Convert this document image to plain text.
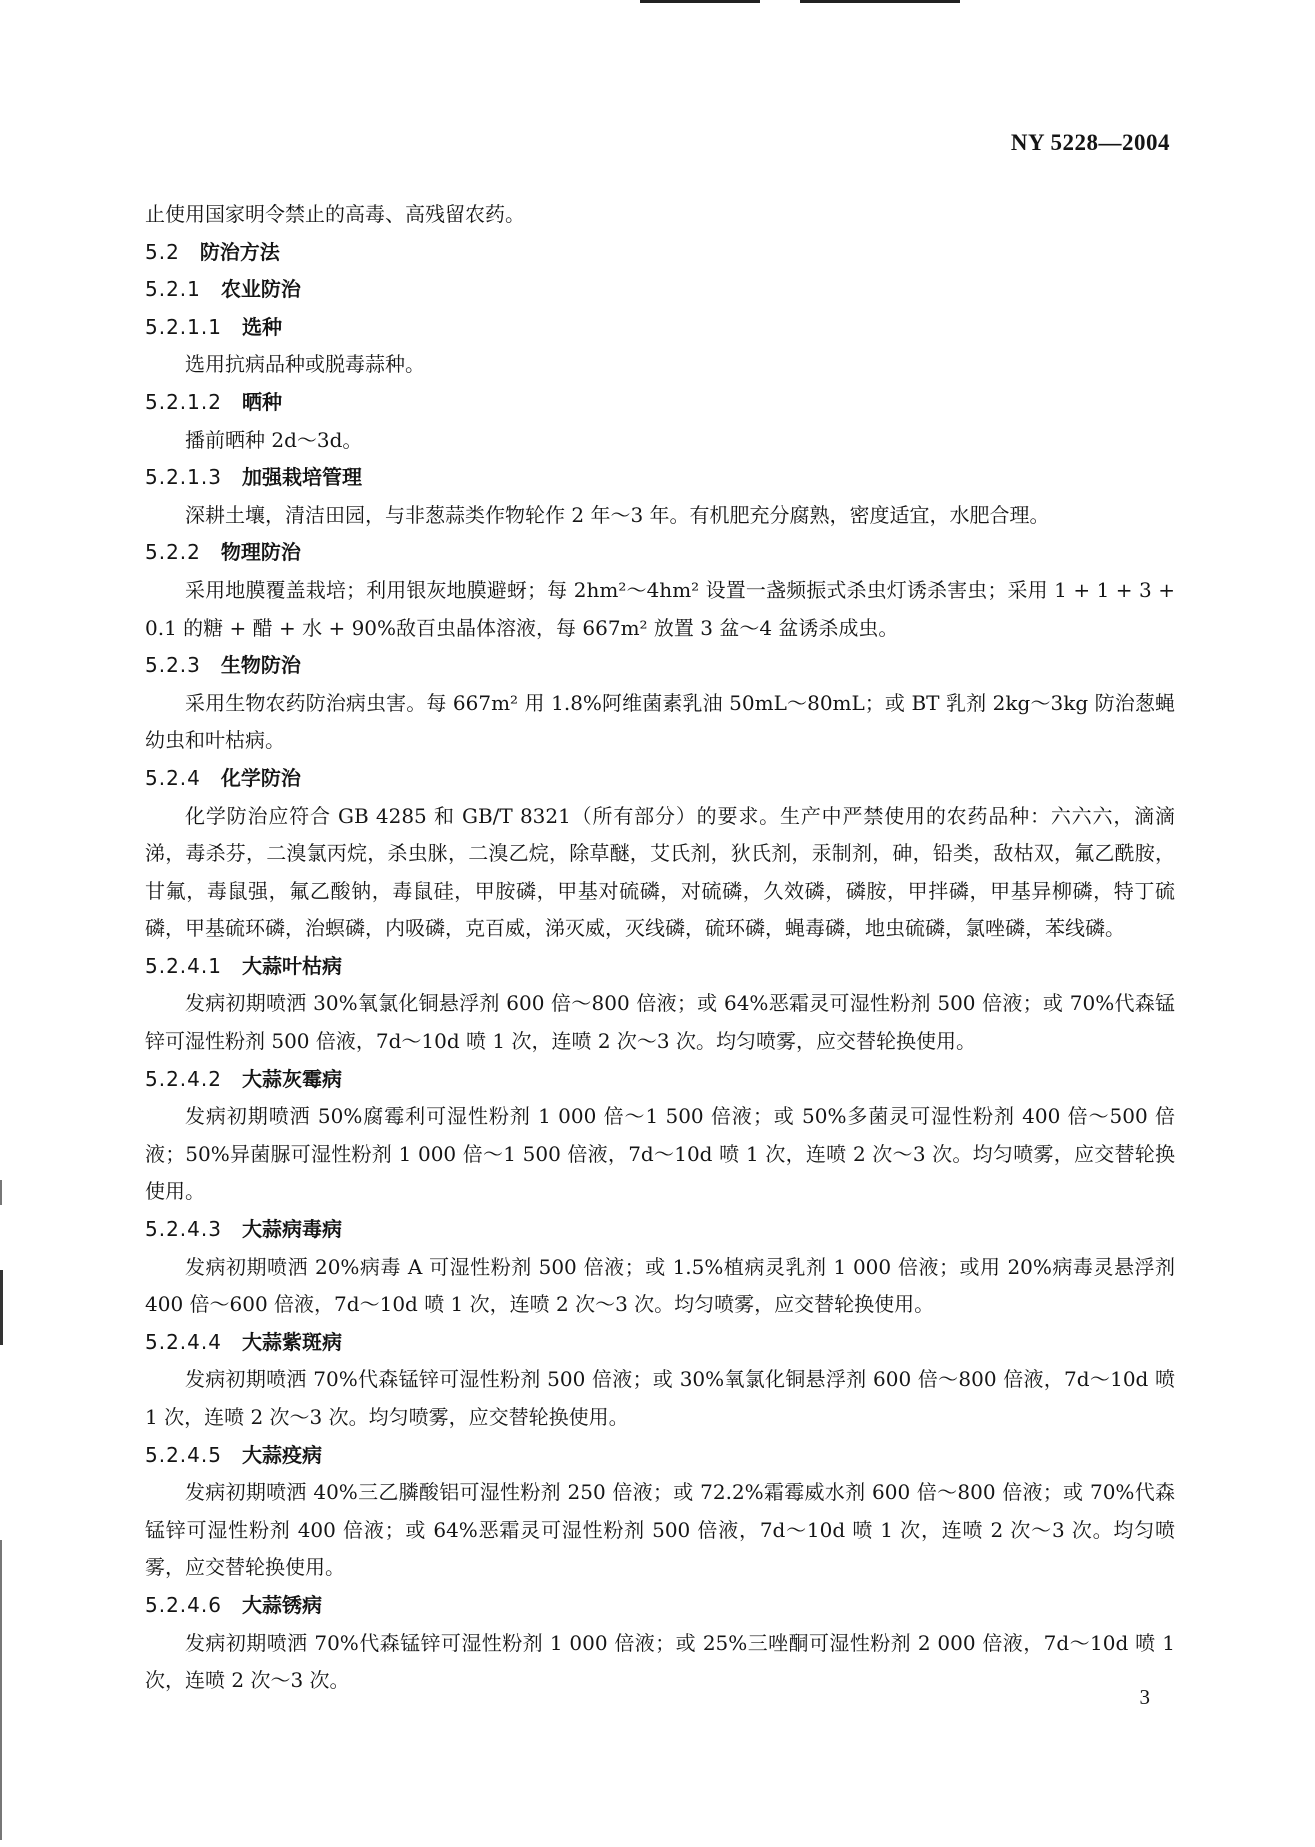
NY 5228—2004

止使用国家明令禁止的高毒、高残留农药。

5.2 防治方法
5.2.1 农业防治
5.2.1.1 选种

选用抗病品种或脱毒蒜种。

5.2.1.2 晒种

播前晒种 2d～3d。

5.2.1.3 加强栽培管理

深耕土壤，清洁田园，与非葱蒜类作物轮作 2 年～3 年。有机肥充分腐熟，密度适宜，水肥合理。

5.2.2 物理防治

采用地膜覆盖栽培；利用银灰地膜避蚜；每 2hm²～4hm² 设置一盏频振式杀虫灯诱杀害虫；采用 1 + 1 + 3 + 0.1 的糖 + 醋 + 水 + 90%敌百虫晶体溶液，每 667m² 放置 3 盆～4 盆诱杀成虫。

5.2.3 生物防治

采用生物农药防治病虫害。每 667m² 用 1.8%阿维菌素乳油 50mL～80mL；或 BT 乳剂 2kg～3kg 防治葱蝇幼虫和叶枯病。

5.2.4 化学防治

化学防治应符合 GB 4285 和 GB/T 8321（所有部分）的要求。生产中严禁使用的农药品种：六六六，滴滴涕，毒杀芬，二溴氯丙烷，杀虫脒，二溴乙烷，除草醚，艾氏剂，狄氏剂，汞制剂，砷，铅类，敌枯双，氟乙酰胺，甘氟，毒鼠强，氟乙酸钠，毒鼠硅，甲胺磷，甲基对硫磷，对硫磷，久效磷，磷胺，甲拌磷，甲基异柳磷，特丁硫磷，甲基硫环磷，治螟磷，内吸磷，克百威，涕灭威，灭线磷，硫环磷，蝇毒磷，地虫硫磷，氯唑磷，苯线磷。

5.2.4.1 大蒜叶枯病

发病初期喷洒 30%氧氯化铜悬浮剂 600 倍～800 倍液；或 64%恶霜灵可湿性粉剂 500 倍液；或 70%代森锰锌可湿性粉剂 500 倍液，7d～10d 喷 1 次，连喷 2 次～3 次。均匀喷雾，应交替轮换使用。

5.2.4.2 大蒜灰霉病

发病初期喷洒 50%腐霉利可湿性粉剂 1 000 倍～1 500 倍液；或 50%多菌灵可湿性粉剂 400 倍～500 倍液；50%异菌脲可湿性粉剂 1 000 倍～1 500 倍液，7d～10d 喷 1 次，连喷 2 次～3 次。均匀喷雾，应交替轮换使用。

5.2.4.3 大蒜病毒病

发病初期喷洒 20%病毒 A 可湿性粉剂 500 倍液；或 1.5%植病灵乳剂 1 000 倍液；或用 20%病毒灵悬浮剂 400 倍～600 倍液，7d～10d 喷 1 次，连喷 2 次～3 次。均匀喷雾，应交替轮换使用。

5.2.4.4 大蒜紫斑病

发病初期喷洒 70%代森锰锌可湿性粉剂 500 倍液；或 30%氧氯化铜悬浮剂 600 倍～800 倍液，7d～10d 喷 1 次，连喷 2 次～3 次。均匀喷雾，应交替轮换使用。

5.2.4.5 大蒜疫病

发病初期喷洒 40%三乙膦酸铝可湿性粉剂 250 倍液；或 72.2%霜霉威水剂 600 倍～800 倍液；或 70%代森锰锌可湿性粉剂 400 倍液；或 64%恶霜灵可湿性粉剂 500 倍液，7d～10d 喷 1 次，连喷 2 次～3 次。均匀喷雾，应交替轮换使用。

5.2.4.6 大蒜锈病

发病初期喷洒 70%代森锰锌可湿性粉剂 1 000 倍液；或 25%三唑酮可湿性粉剂 2 000 倍液，7d～10d 喷 1 次，连喷 2 次～3 次。

3
